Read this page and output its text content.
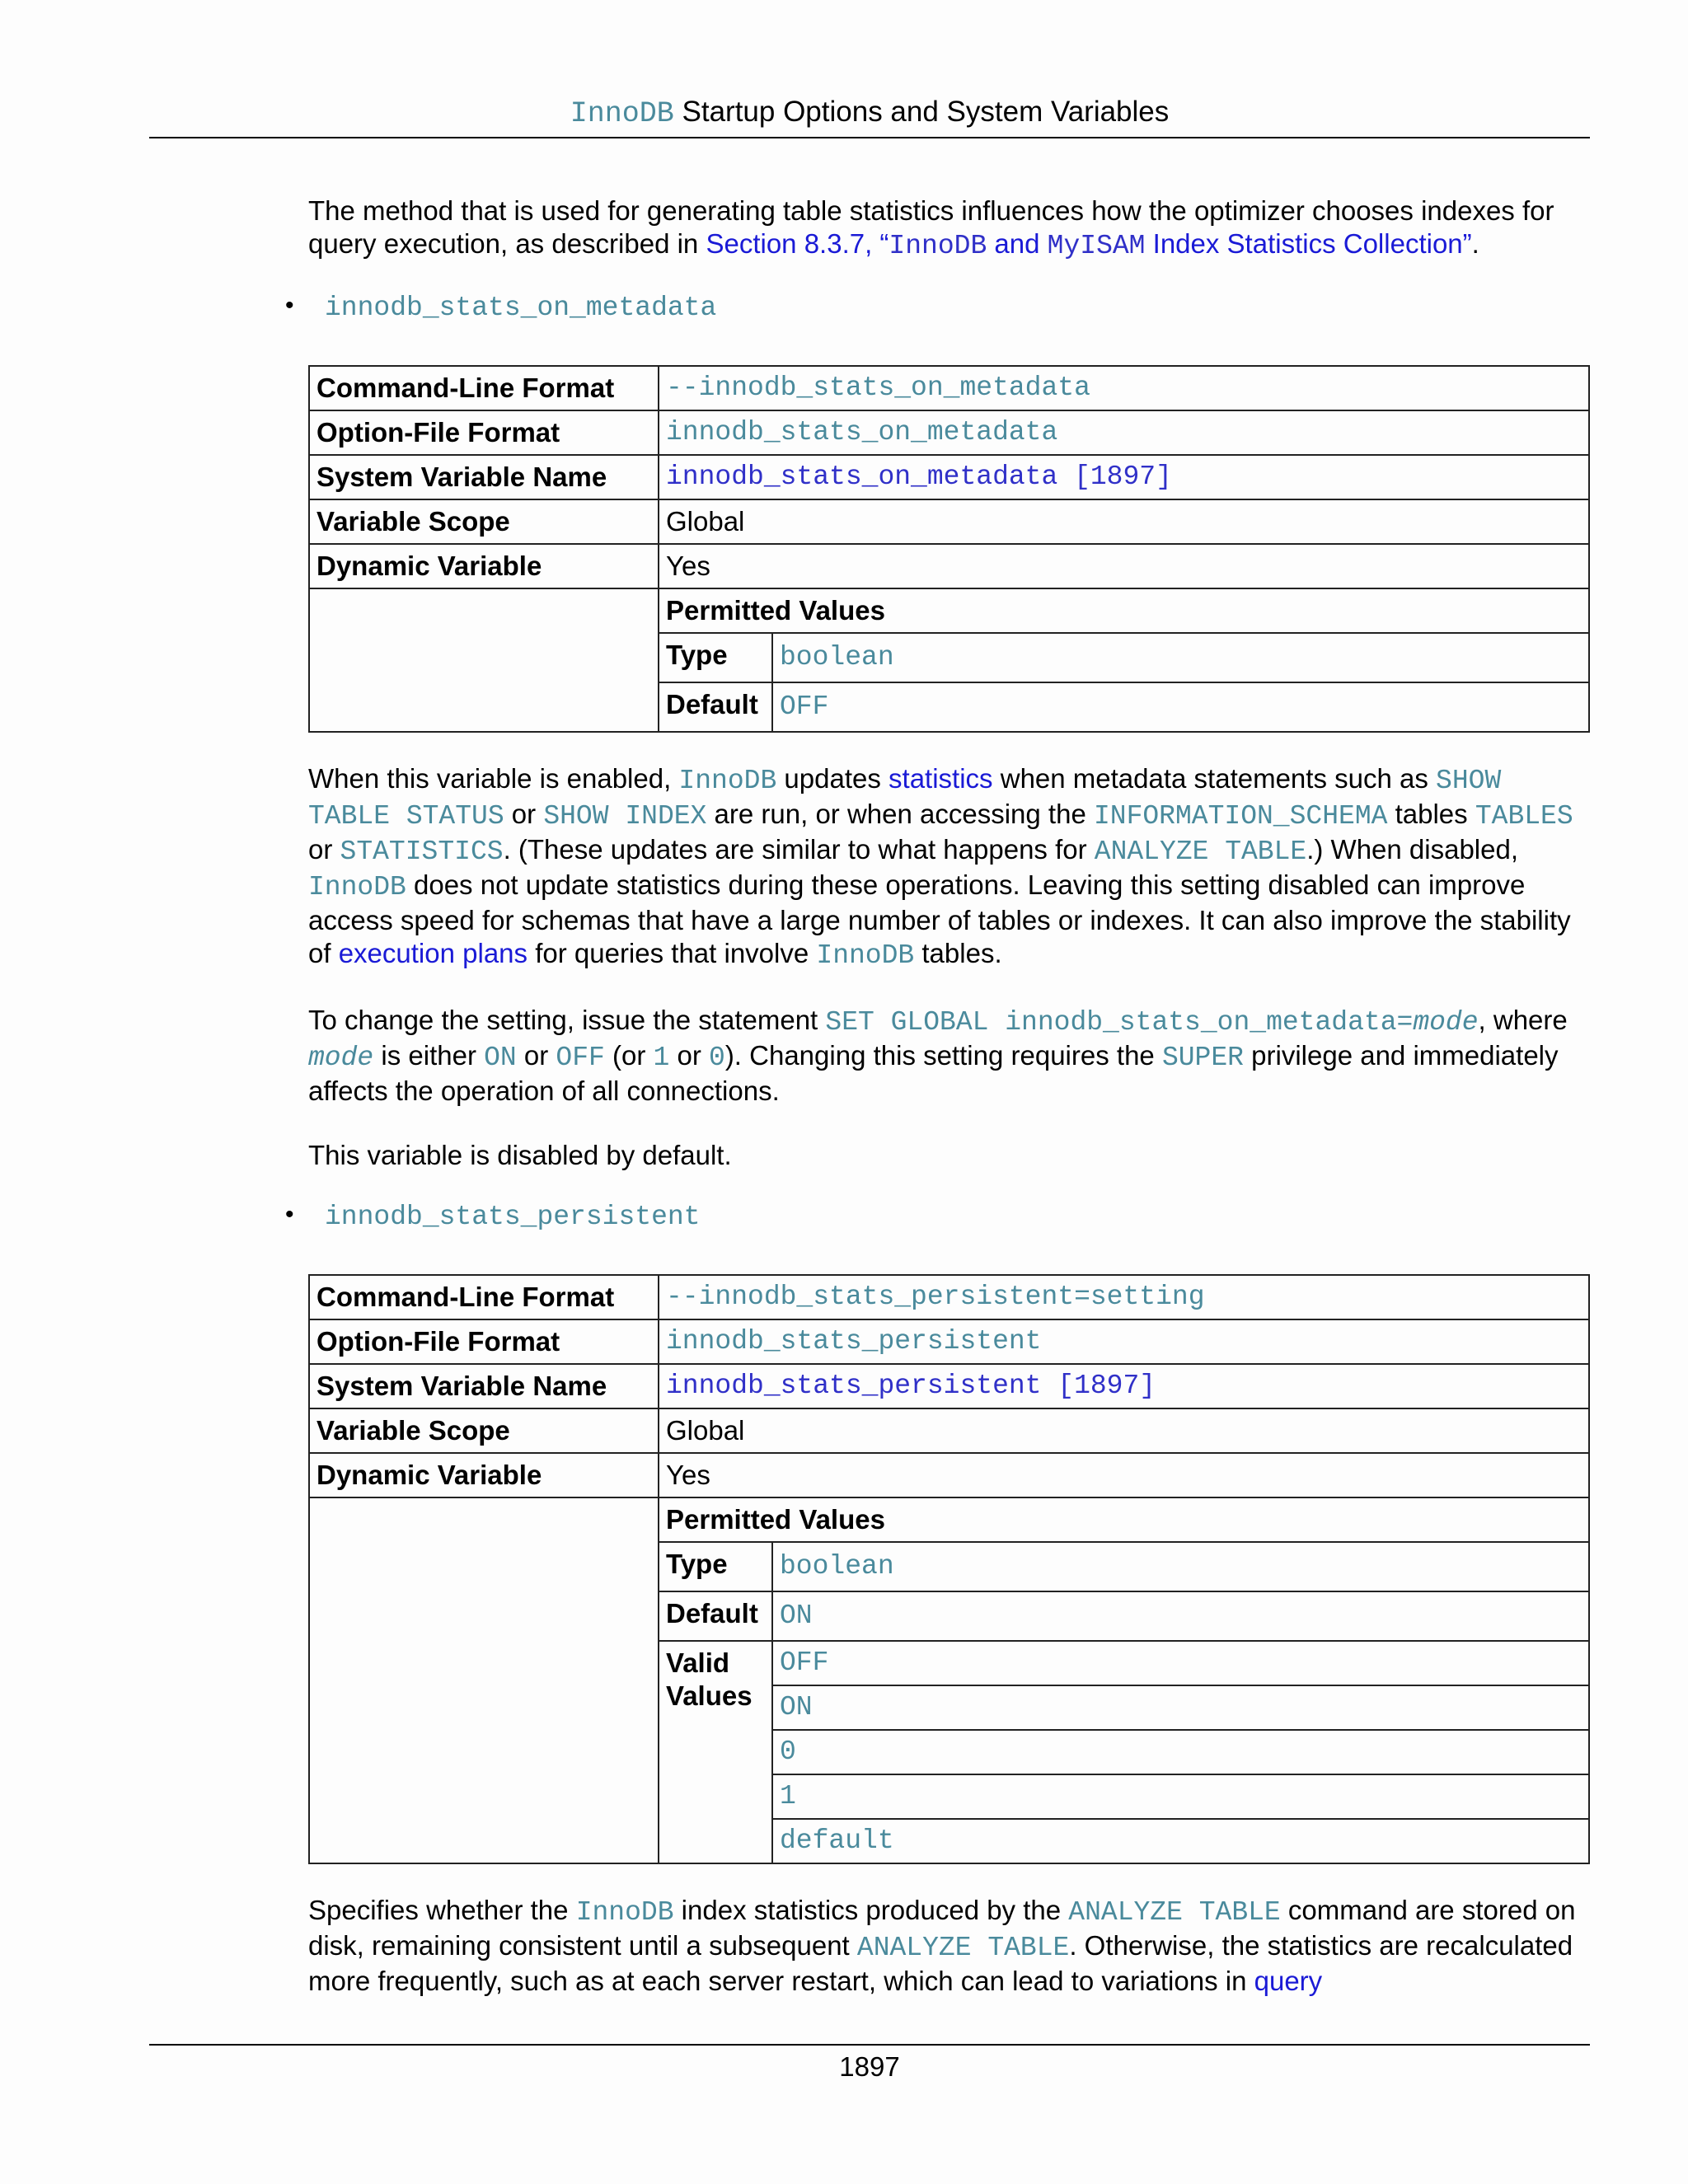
InnoDB Startup Options and System Variables

The method that is used for generating table statistics influences how the optimizer chooses indexes for query execution, as described in Section 8.3.7, “InnoDB and MyISAM Index Statistics Collection”.

• innodb_stats_on_metadata
Command-Line Format	--innodb_stats_on_metadata	
Option-File Format	innodb_stats_on_metadata	
System Variable Name	innodb_stats_on_metadata [1897]	
Variable Scope	Global	
Dynamic Variable	Yes	
	Permitted Values	
	Type	boolean
	Default	OFF

When this variable is enabled, InnoDB updates statistics when metadata statements such as SHOW TABLE STATUS or SHOW INDEX are run, or when accessing the INFORMATION_SCHEMA tables TABLES or STATISTICS. (These updates are similar to what happens for ANALYZE TABLE.) When disabled, InnoDB does not update statistics during these operations. Leaving this setting disabled can improve access speed for schemas that have a large number of tables or indexes. It can also improve the stability of execution plans for queries that involve InnoDB tables.

To change the setting, issue the statement SET GLOBAL innodb_stats_on_metadata=mode, where mode is either ON or OFF (or 1 or 0). Changing this setting requires the SUPER privilege and immediately affects the operation of all connections.

This variable is disabled by default.

• innodb_stats_persistent
Command-Line Format	--innodb_stats_persistent=setting	
Option-File Format	innodb_stats_persistent	
System Variable Name	innodb_stats_persistent [1897]	
Variable Scope	Global	
Dynamic Variable	Yes	
	Permitted Values	
	Type	boolean
	Default	ON
	Valid Values	OFF
		ON
		0
		1
		default

Specifies whether the InnoDB index statistics produced by the ANALYZE TABLE command are stored on disk, remaining consistent until a subsequent ANALYZE TABLE. Otherwise, the statistics are recalculated more frequently, such as at each server restart, which can lead to variations in query

1897
